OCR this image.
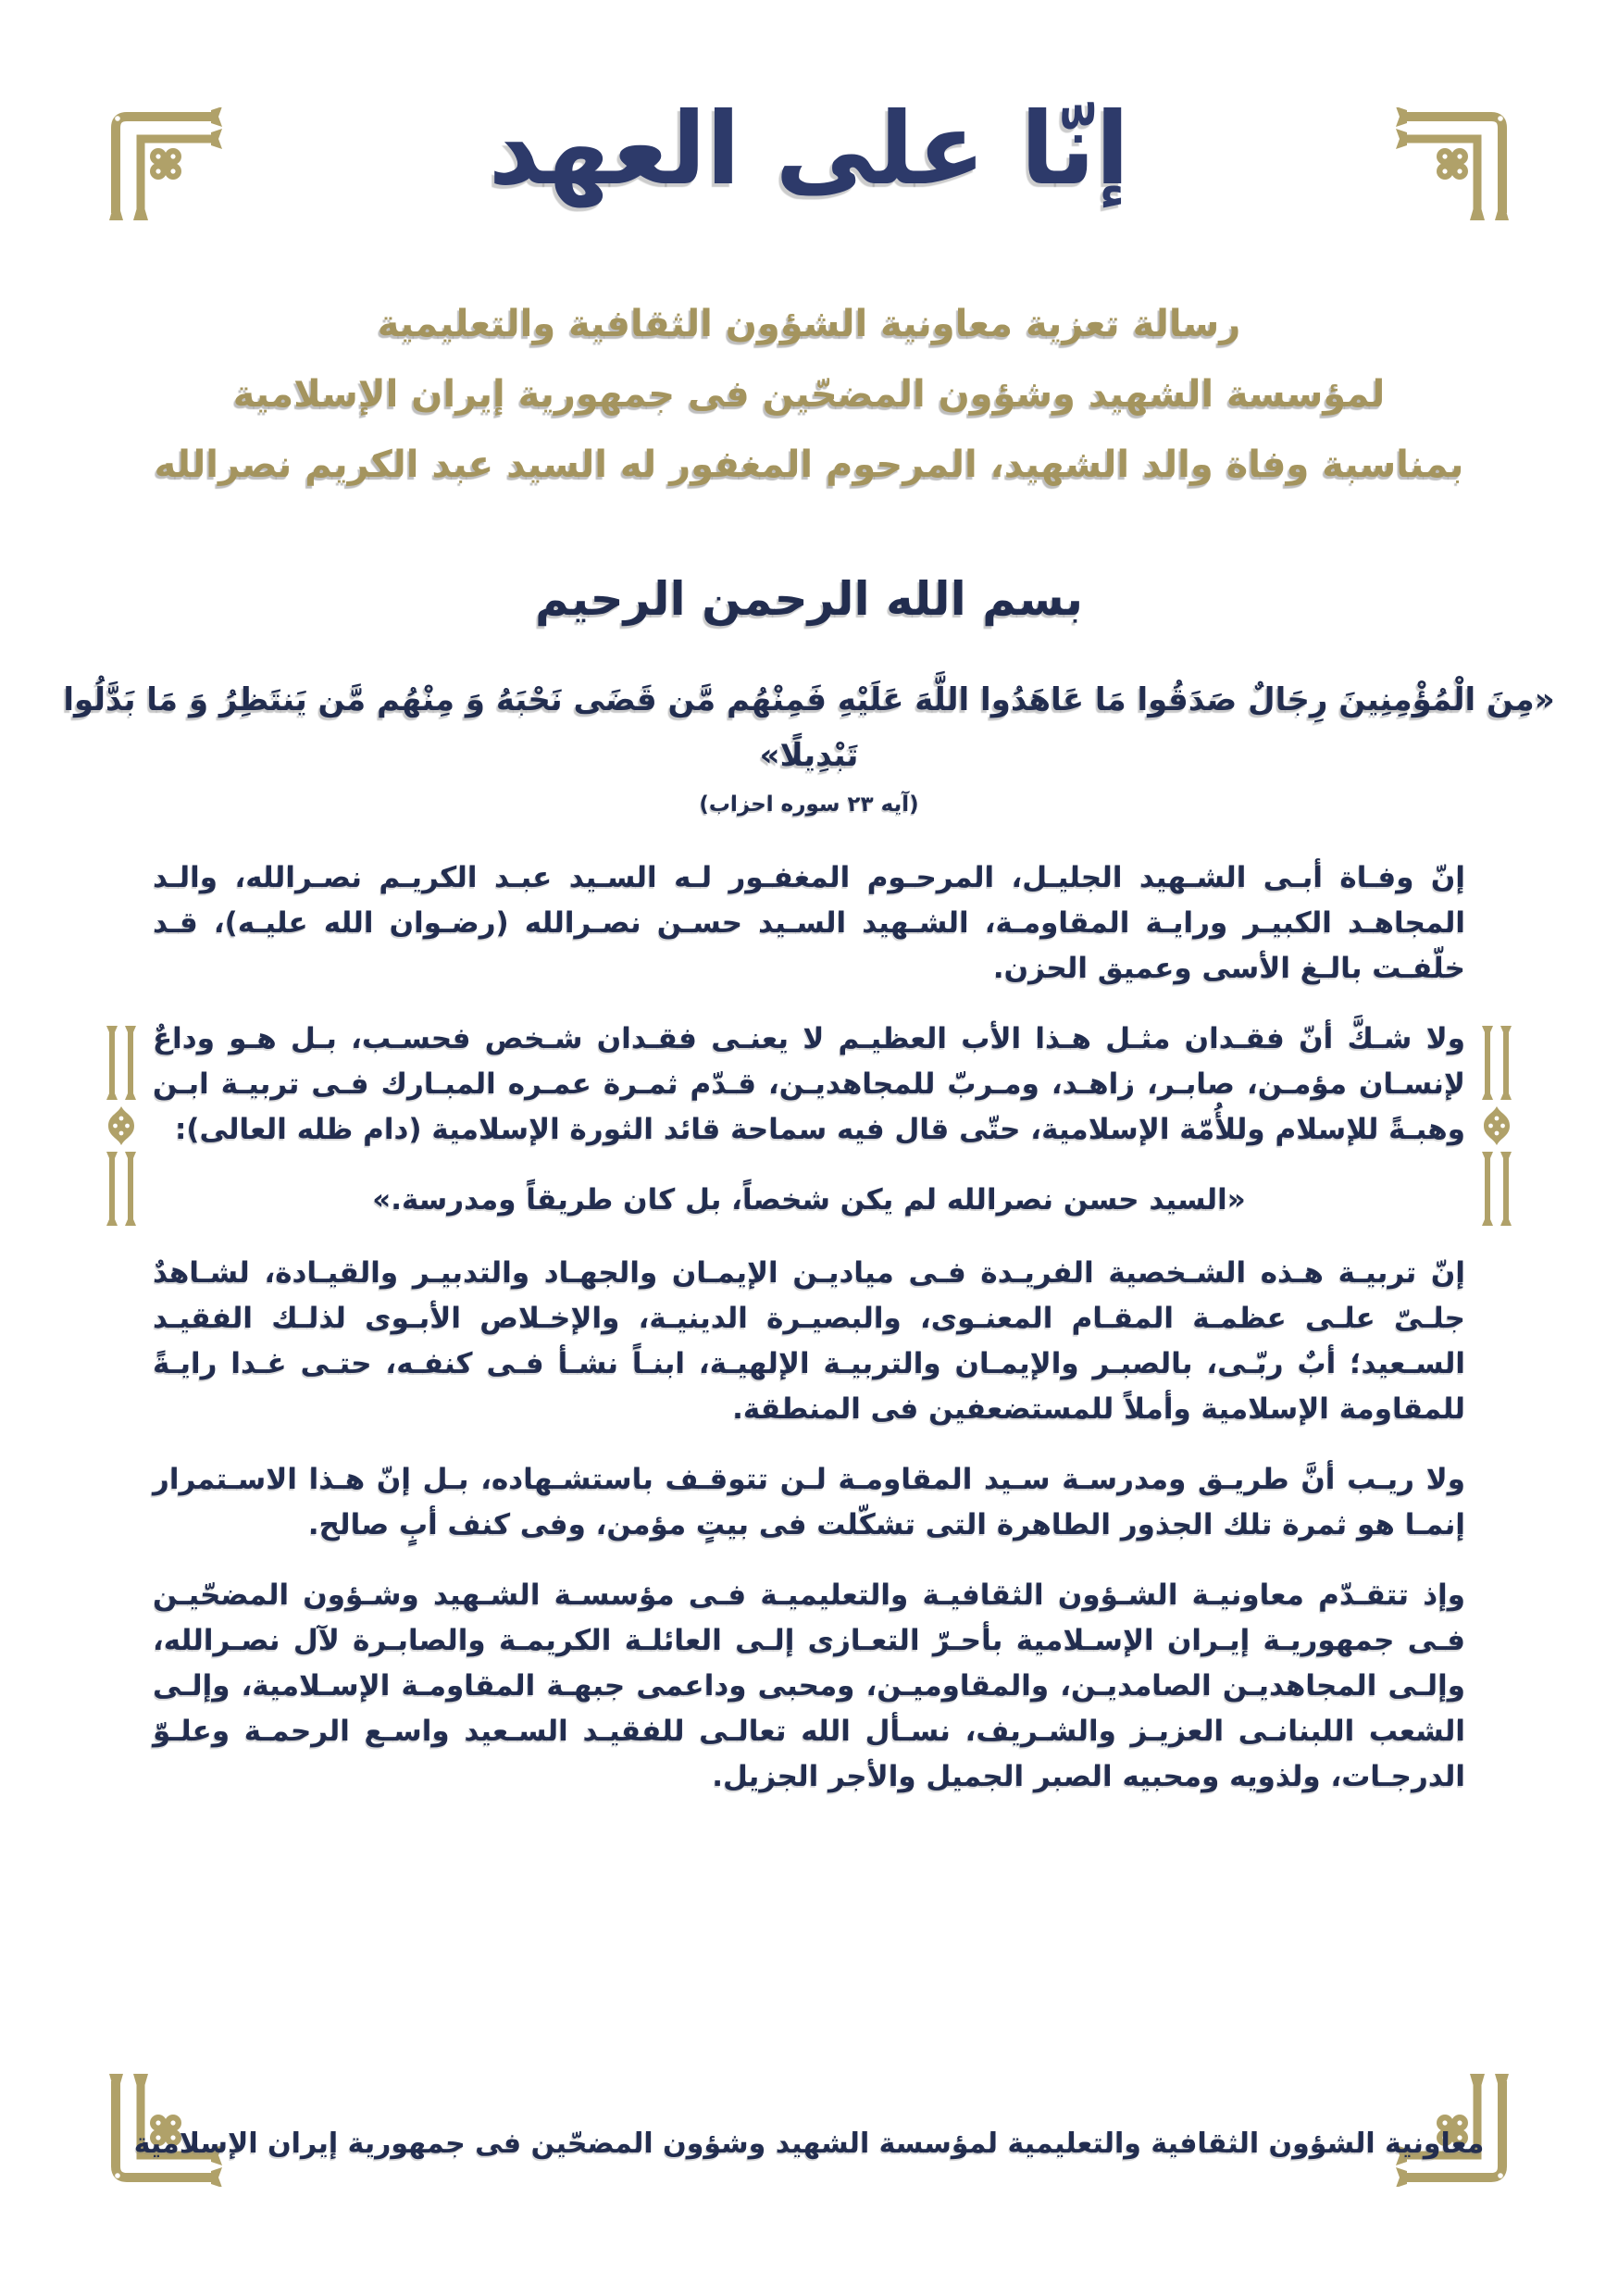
إنّا على العهد
رسالة تعزية معاونية الشؤون الثقافية والتعليمية
لمؤسسة الشهيد وشؤون المضحّين فى جمهورية إيران الإسلامية
بمناسبة وفاة والد الشهيد، المرحوم المغفور له السيد عبد الكريم نصرالله
بسم الله الرحمن الرحيم
«مِنَ الْمُؤْمِنِينَ رِجَالٌ صَدَقُوا مَا عَاهَدُوا اللَّهَ عَلَيْهِ فَمِنْهُم مَّن قَضَى نَحْبَهُ وَ مِنْهُم مَّن يَنتَظِرُ وَ مَا بَدَّلُوا تَبْدِيلًا»
(آيه ٢٣ سوره احزاب)

إنّ وفـاة أبـى الشـهيد الجليـل، المرحـوم المغفـور لـه السـيد عبـد الكريـم نصـرالله، والـد المجاهـد الكبيـر ورايـة المقاومـة، الشـهيد السـيد حسـن نصـرالله (رضـوان الله عليـه)، قـد خلّفـت بالـغ الأسى وعميق الحزن.

ولا شـكَّ أنّ فقـدان مثـل هـذا الأب العظيـم لا يعنـى فقـدان شـخص فحسـب، بـل هـو وداعٌ لإنسـان مؤمـن، صابـر، زاهـد، ومـربّ للمجاهديـن، قـدّم ثمـرة عمـره المبـارك فـى تربيـة ابـن وهبـةً للإسلام وللأُمّة الإسلامية، حتّى قال فيه سماحة قائد الثورة الإسلامية (دام ظله العالى):

«السيد حسن نصرالله لم يكن شخصاً، بل كان طريقاً ومدرسة.»

إنّ تربيـة هـذه الشـخصية الفريـدة فـى مياديـن الإيمـان والجهـاد والتدبيـر والقيـادة، لشـاهدٌ جلـىّ علـى عظمـة المقـام المعنـوى، والبصيـرة الدينيـة، والإخـلاص الأبـوى لذلـك الفقيـد السـعيد؛ أبٌ ربّـى، بالصبـر والإيمـان والتربيـة الإلهيـة، ابنـاً نشـأ فـى كنفـه، حتـى غـدا رايـةً للمقاومة الإسلامية وأملاً للمستضعفين فى المنطقة.

ولا ريـب أنَّ طريـق ومدرسـة سـيد المقاومـة لـن تتوقـف باستشـهاده، بـل إنّ هـذا الاسـتمرار إنمـا هو ثمرة تلك الجذور الطاهرة التى تشكّلت فى بيتٍ مؤمن، وفى كنف أبٍ صالح.

وإذ تتقـدّم معاونيـة الشـؤون الثقافيـة والتعليميـة فـى مؤسسـة الشـهيد وشـؤون المضحّيـن فـى جمهوريـة إيـران الإسـلامية بأحـرّ التعـازى إلـى العائلـة الكريمـة والصابـرة لآل نصـرالله، وإلـى المجاهديـن الصامديـن، والمقاوميـن، ومحبى وداعمى جبهـة المقاومـة الإسـلامية، وإلـى الشعب اللبنانـى العزيـز والشـريف، نسـأل الله تعالـى للفقيـد السـعيد واسـع الرحمـة وعلـوّ الدرجـات، ولذويه ومحبيه الصبر الجميل والأجر الجزيل.

معاونية الشؤون الثقافية والتعليمية لمؤسسة الشهيد وشؤون المضحّين فى جمهورية إيران الإسلامية
